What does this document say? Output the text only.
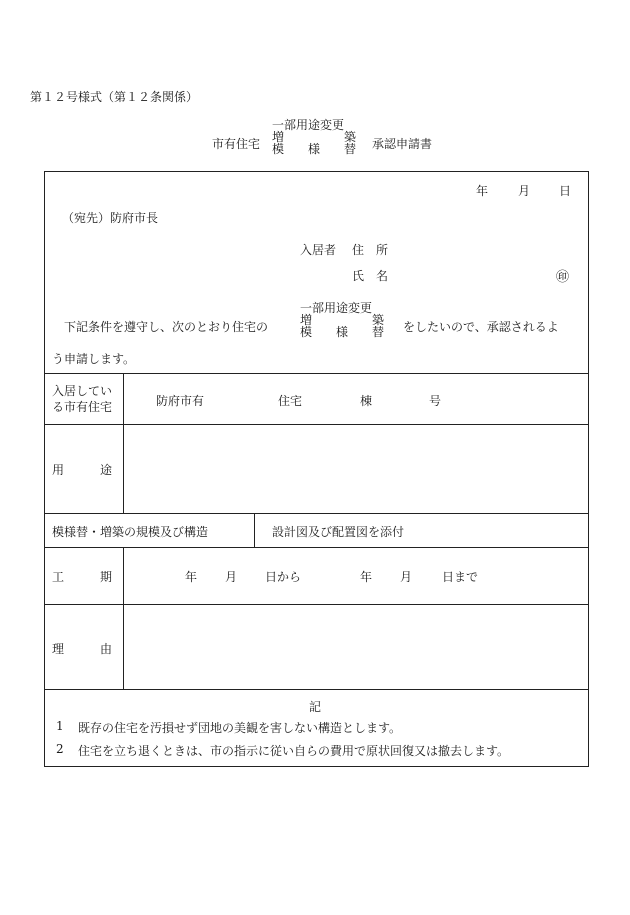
第１２号様式（第１２条関係）
市有住宅
一部用途変更
増　　　　　築
模　　様　　替 承認申請書
年 月 日
（宛先）防府市長
入居者 住　所
氏　名	㊞
下記条件を遵守し、次のとおり住宅の
一部用途変更
増　　　　　築
模　　様　　替 をしたいので、承認されるよ
う申請します。
入居してい
る市有住宅	防府市有	住宅	棟	号
用　　　途
模様替・増築の規模及び構造	設計図及び配置図を添付
工　　　期	年 月 日から	年 月 日まで
理　　　由
記
1 既存の住宅を汚損せず団地の美観を害しない構造とします。
2 住宅を立ち退くときは、市の指示に従い自らの費用で原状回復又は撤去します。
